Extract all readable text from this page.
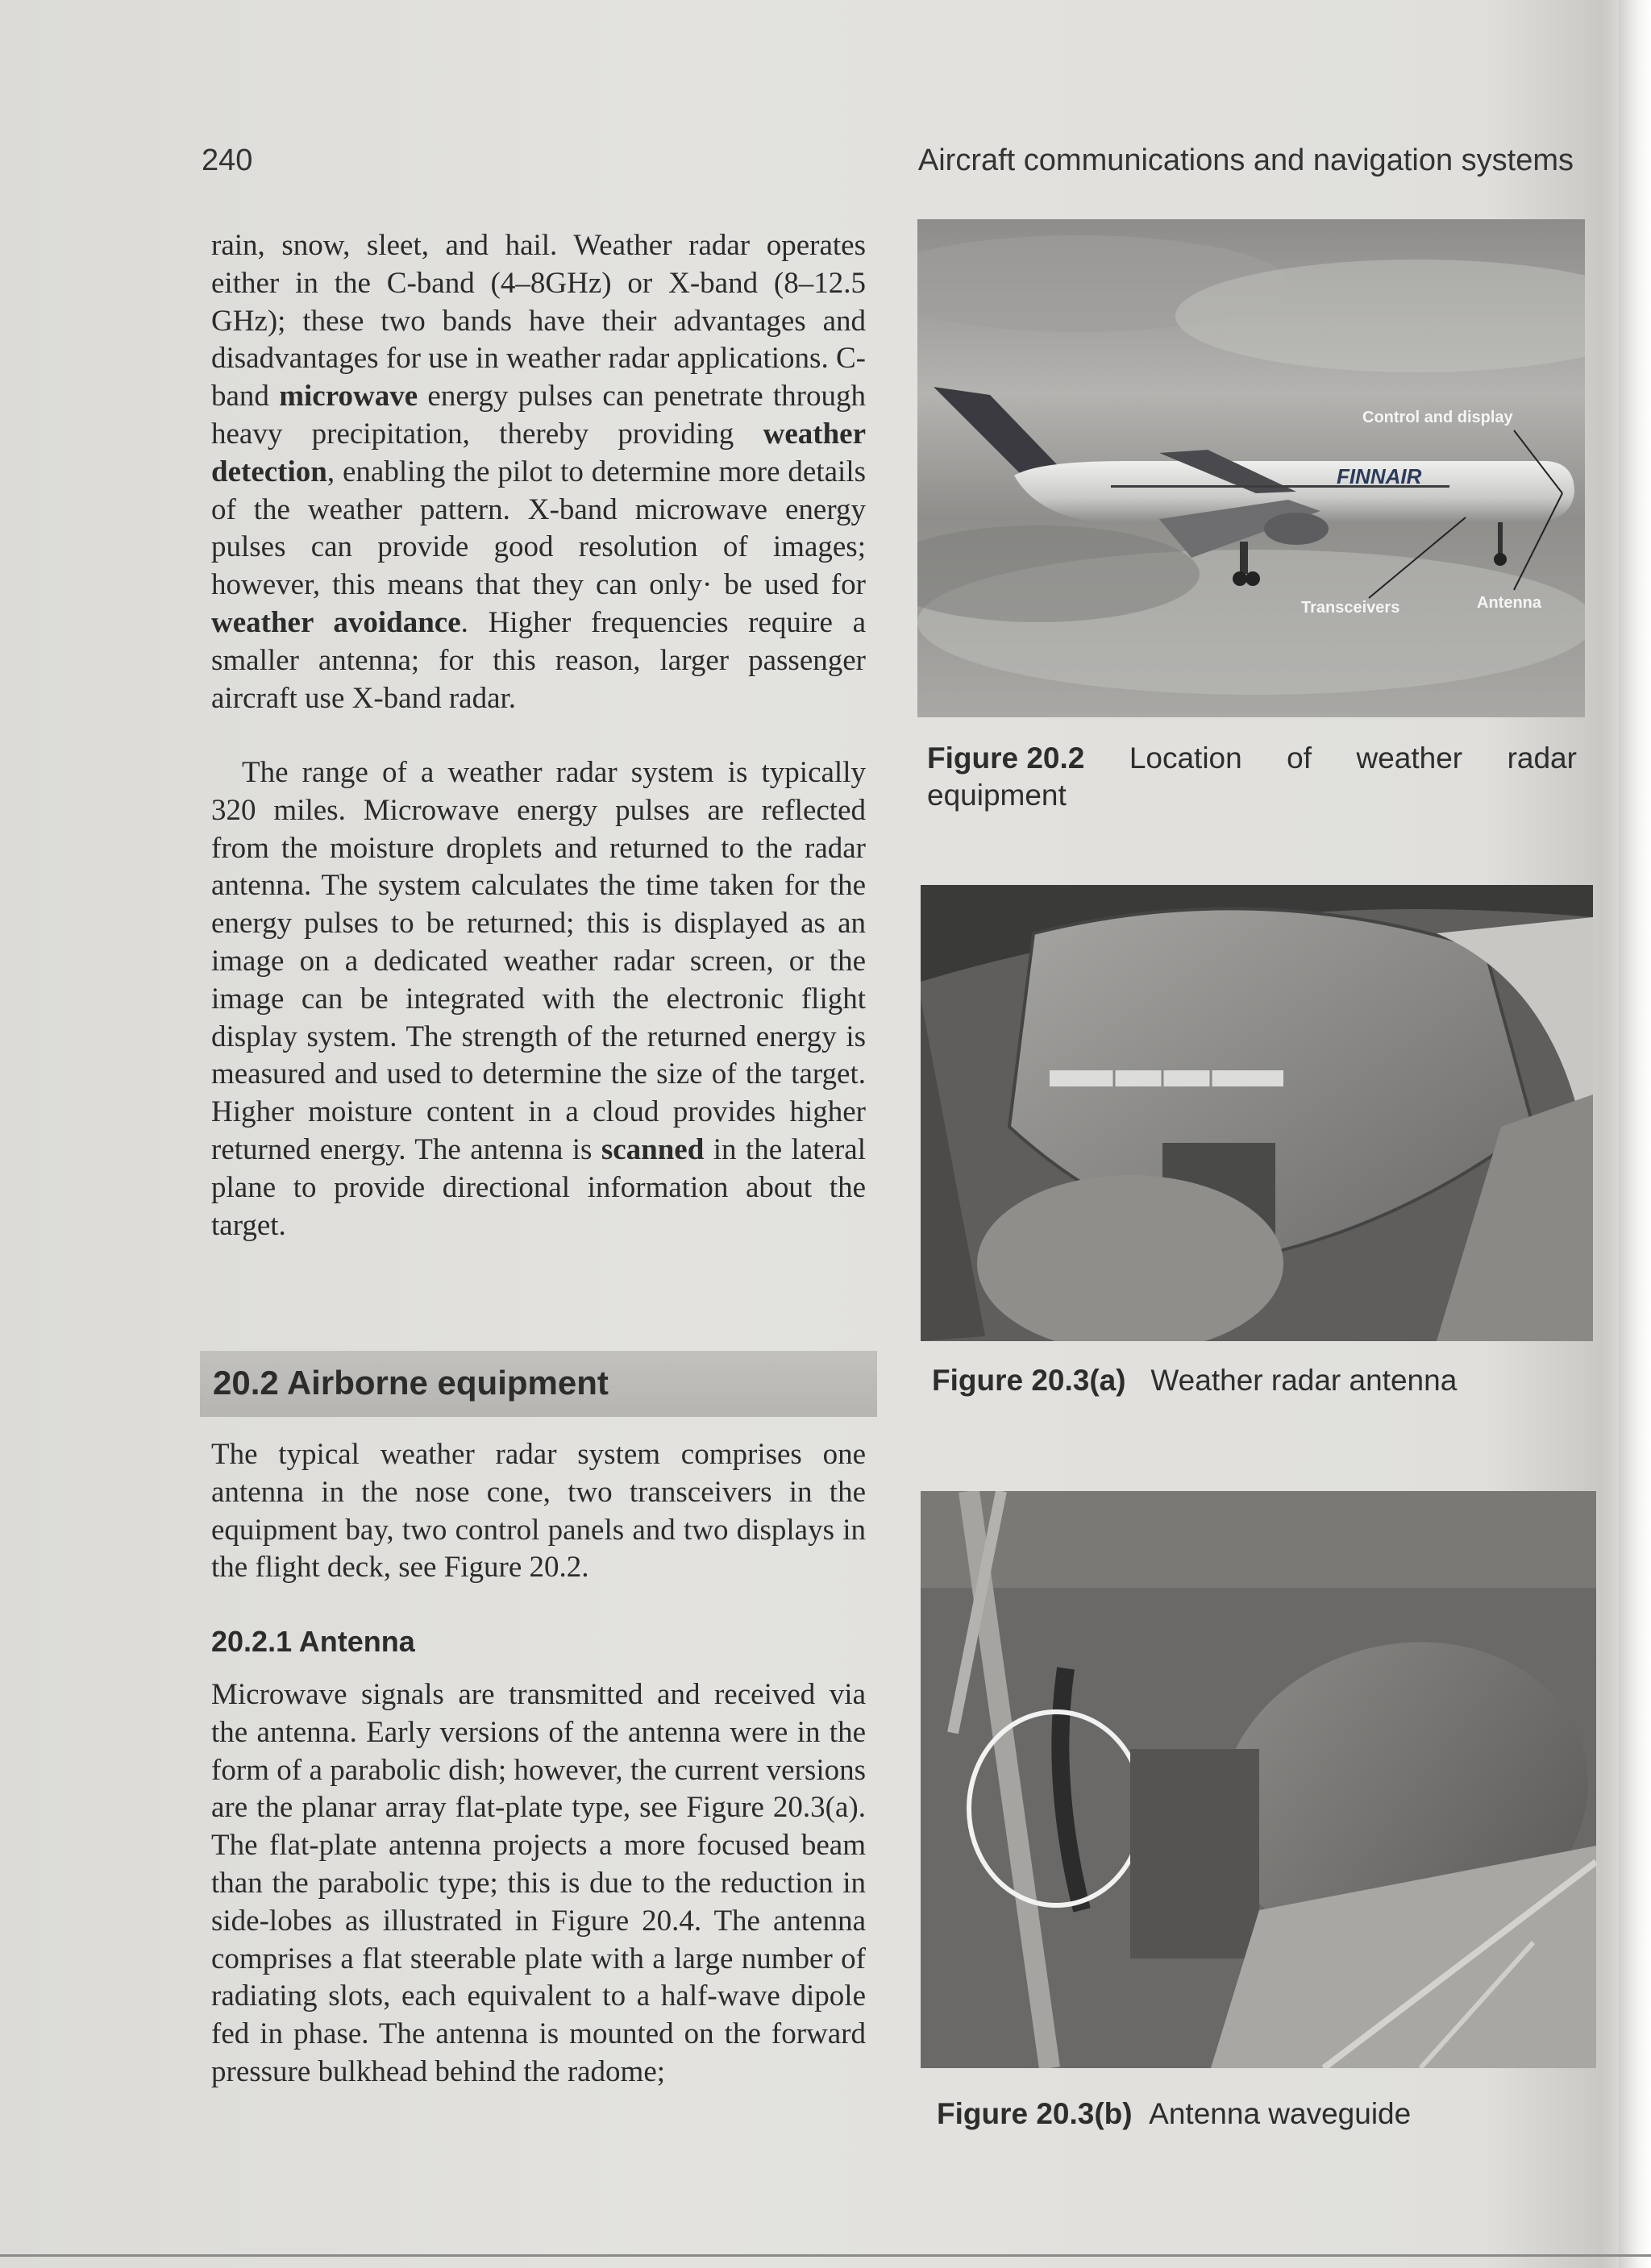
240	Aircraft communications and navigation systems

rain, snow, sleet, and hail. Weather radar operates either in the C-band (4–8GHz) or X-band (8–12.5 GHz); these two bands have their advantages and disadvantages for use in weather radar applications. C-band microwave energy pulses can penetrate through heavy precipitation, thereby providing weather detection, enabling the pilot to determine more details of the weather pattern. X-band microwave energy pulses can provide good resolution of images; however, this means that they can only· be used for weather avoidance. Higher frequencies require a smaller antenna; for this reason, larger passenger aircraft use X-band radar.

The range of a weather radar system is typically 320 miles. Microwave energy pulses are reflected from the moisture droplets and returned to the radar antenna. The system calculates the time taken for the energy pulses to be returned; this is displayed as an image on a dedicated weather radar screen, or the image can be integrated with the electronic flight display system. The strength of the returned energy is measured and used to determine the size of the target. Higher moisture content in a cloud provides higher returned energy. The antenna is scanned in the lateral plane to provide directional information about the target.

20.2 Airborne equipment

The typical weather radar system comprises one antenna in the nose cone, two transceivers in the equipment bay, two control panels and two displays in the flight deck, see Figure 20.2.

20.2.1 Antenna

Microwave signals are transmitted and received via the antenna. Early versions of the antenna were in the form of a parabolic dish; however, the current versions are the planar array flat-plate type, see Figure 20.3(a). The flat-plate antenna projects a more focused beam than the parabolic type; this is due to the reduction in side-lobes as illustrated in Figure 20.4. The antenna comprises a flat steerable plate with a large number of radiating slots, each equivalent to a half-wave dipole fed in phase. The antenna is mounted on the forward pressure bulkhead behind the radome;

FINNAIR
Control and display
Transceivers	Antenna
Figure 20.2 Location of weather radar
equipment
Figure 20.3(a) Weather radar antenna
Figure 20.3(b) Antenna waveguide
